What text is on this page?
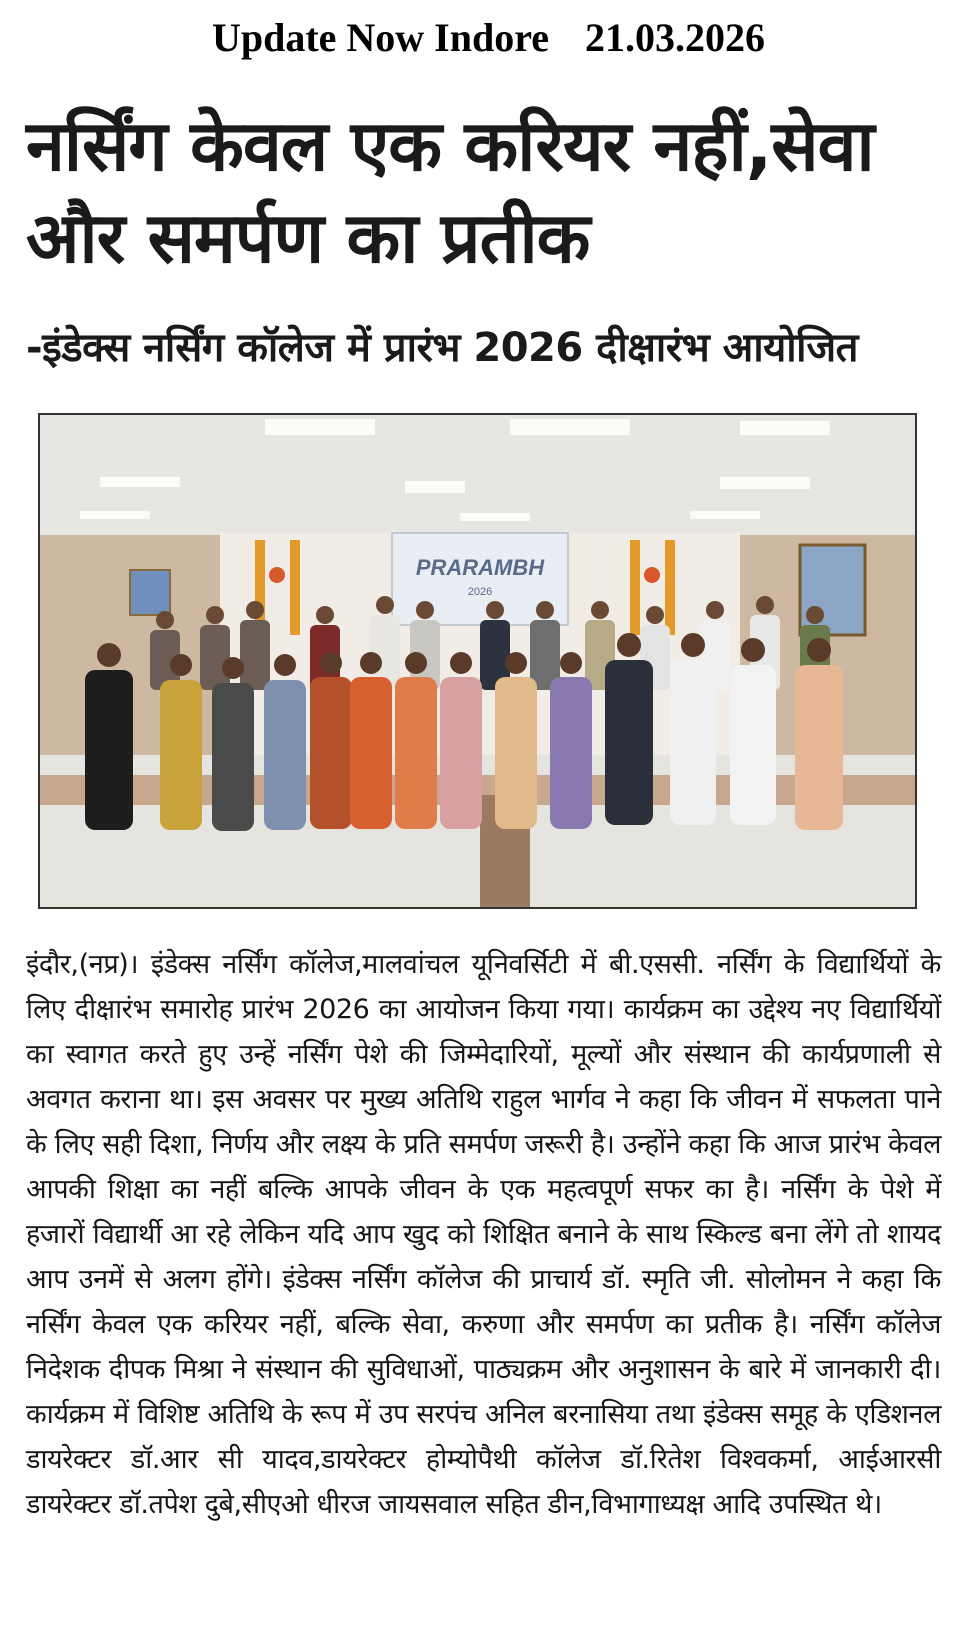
Update Now Indore 21.03.2026
नर्सिंग केवल एक करियर नहीं,सेवा और समर्पण का प्रतीक
-इंडेक्स नर्सिंग कॉलेज में प्रारंभ 2026 दीक्षारंभ आयोजित
PRARAMBH
2026

इंदौर,(नप्र)। इंडेक्स नर्सिंग कॉलेज,मालवांचल यूनिवर्सिटी में बी.एससी. नर्सिंग के विद्यार्थियों के लिए दीक्षारंभ समारोह प्रारंभ 2026 का आयोजन किया गया। कार्यक्रम का उद्देश्य नए विद्यार्थियों का स्वागत करते हुए उन्हें नर्सिंग पेशे की जिम्मेदारियों, मूल्यों और संस्थान की कार्यप्रणाली से अवगत कराना था। इस अवसर पर मुख्य अतिथि राहुल भार्गव ने कहा कि जीवन में सफलता पाने के लिए सही दिशा, निर्णय और लक्ष्य के प्रति समर्पण जरूरी है। उन्होंने कहा कि आज प्रारंभ केवल आपकी शिक्षा का नहीं बल्कि आपके जीवन के एक महत्वपूर्ण सफर का है। नर्सिंग के पेशे में हजारों विद्यार्थी आ रहे लेकिन यदि आप खुद को शिक्षित बनाने के साथ स्किल्ड बना लेंगे तो शायद आप उनमें से अलग होंगे। इंडेक्स नर्सिंग कॉलेज की प्राचार्य डॉ. स्मृति जी. सोलोमन ने कहा कि नर्सिंग केवल एक करियर नहीं, बल्कि सेवा, करुणा और समर्पण का प्रतीक है। नर्सिंग कॉलेज निदेशक दीपक मिश्रा ने संस्थान की सुविधाओं, पाठ्यक्रम और अनुशासन के बारे में जानकारी दी। कार्यक्रम में विशिष्ट अतिथि के रूप में उप सरपंच अनिल बरनासिया तथा इंडेक्स समूह के एडिशनल डायरेक्टर डॉ.आर सी यादव,डायरेक्टर होम्योपैथी कॉलेज डॉ.रितेश विश्वकर्मा, आईआरसी डायरेक्टर डॉ.तपेश दुबे,सीएओ धीरज जायसवाल सहित डीन,विभागाध्यक्ष आदि उपस्थित थे।
